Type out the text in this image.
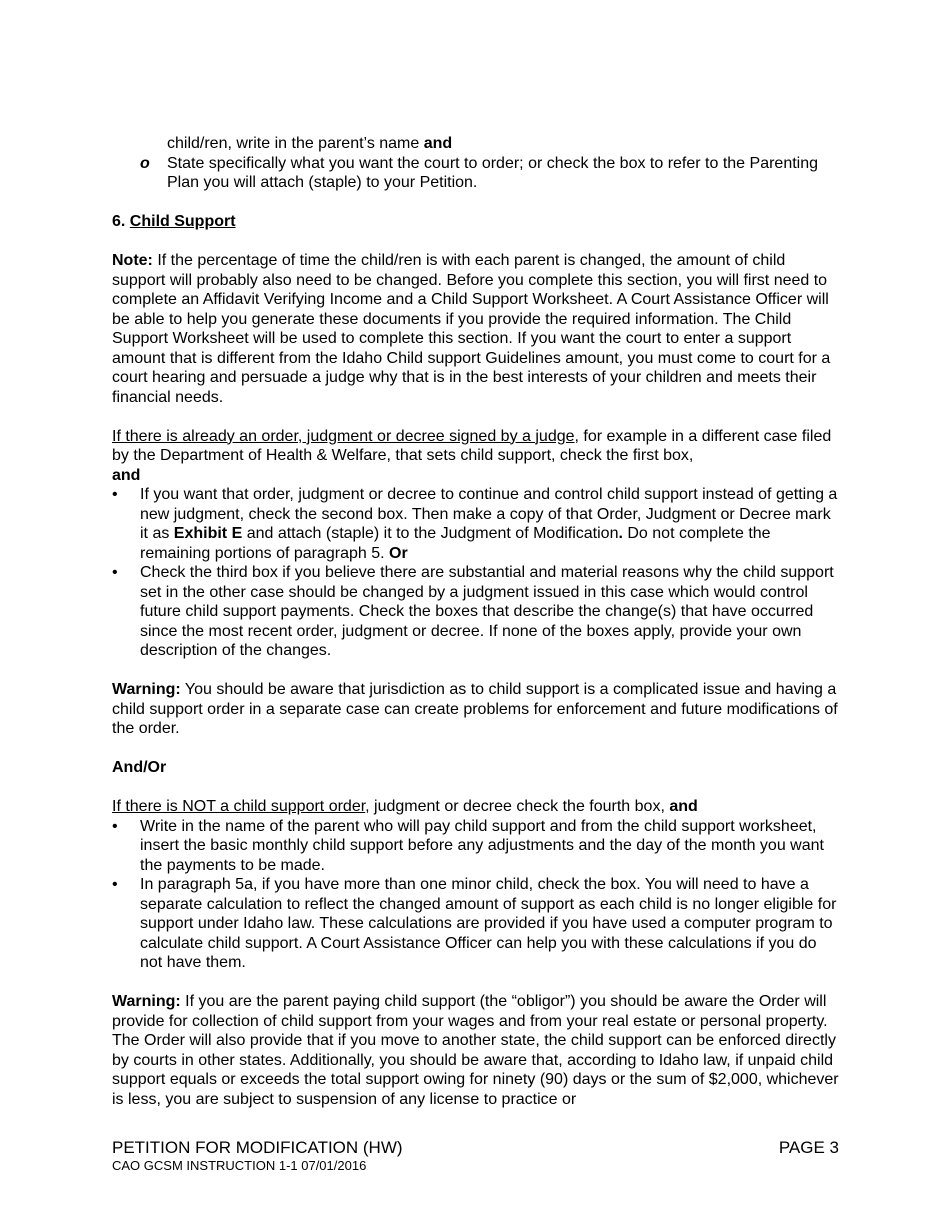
child/ren, write in the parent’s name and

o State specifically what you want the court to order; or check the box to refer to the Parenting Plan you will attach (staple) to your Petition.

6. Child Support

Note: If the percentage of time the child/ren is with each parent is changed, the amount of child support will probably also need to be changed. Before you complete this section, you will first need to complete an Affidavit Verifying Income and a Child Support Worksheet. A Court Assistance Officer will be able to help you generate these documents if you provide the required information. The Child Support Worksheet will be used to complete this section. If you want the court to enter a support amount that is different from the Idaho Child support Guidelines amount, you must come to court for a court hearing and persuade a judge why that is in the best interests of your children and meets their financial needs.

If there is already an order, judgment or decree signed by a judge, for example in a different case filed by the Department of Health & Welfare, that sets child support, check the first box,
and

• If you want that order, judgment or decree to continue and control child support instead of getting a new judgment, check the second box. Then make a copy of that Order, Judgment or Decree mark it as Exhibit E and attach (staple) it to the Judgment of Modification. Do not complete the remaining portions of paragraph 5. Or
• Check the third box if you believe there are substantial and material reasons why the child support set in the other case should be changed by a judgment issued in this case which would control future child support payments. Check the boxes that describe the change(s) that have occurred since the most recent order, judgment or decree. If none of the boxes apply, provide your own description of the changes.

Warning: You should be aware that jurisdiction as to child support is a complicated issue and having a child support order in a separate case can create problems for enforcement and future modifications of the order.

And/Or

If there is NOT a child support order, judgment or decree check the fourth box, and

• Write in the name of the parent who will pay child support and from the child support worksheet, insert the basic monthly child support before any adjustments and the day of the month you want the payments to be made.
• In paragraph 5a, if you have more than one minor child, check the box. You will need to have a separate calculation to reflect the changed amount of support as each child is no longer eligible for support under Idaho law. These calculations are provided if you have used a computer program to calculate child support. A Court Assistance Officer can help you with these calculations if you do not have them.

Warning: If you are the parent paying child support (the “obligor”) you should be aware the Order will provide for collection of child support from your wages and from your real estate or personal property. The Order will also provide that if you move to another state, the child support can be enforced directly by courts in other states. Additionally, you should be aware that, according to Idaho law, if unpaid child support equals or exceeds the total support owing for ninety (90) days or the sum of $2,000, whichever is less, you are subject to suspension of any license to practice or

PETITION FOR MODIFICATION (HW)	PAGE 3
CAO GCSM INSTRUCTION 1-1 07/01/2016
